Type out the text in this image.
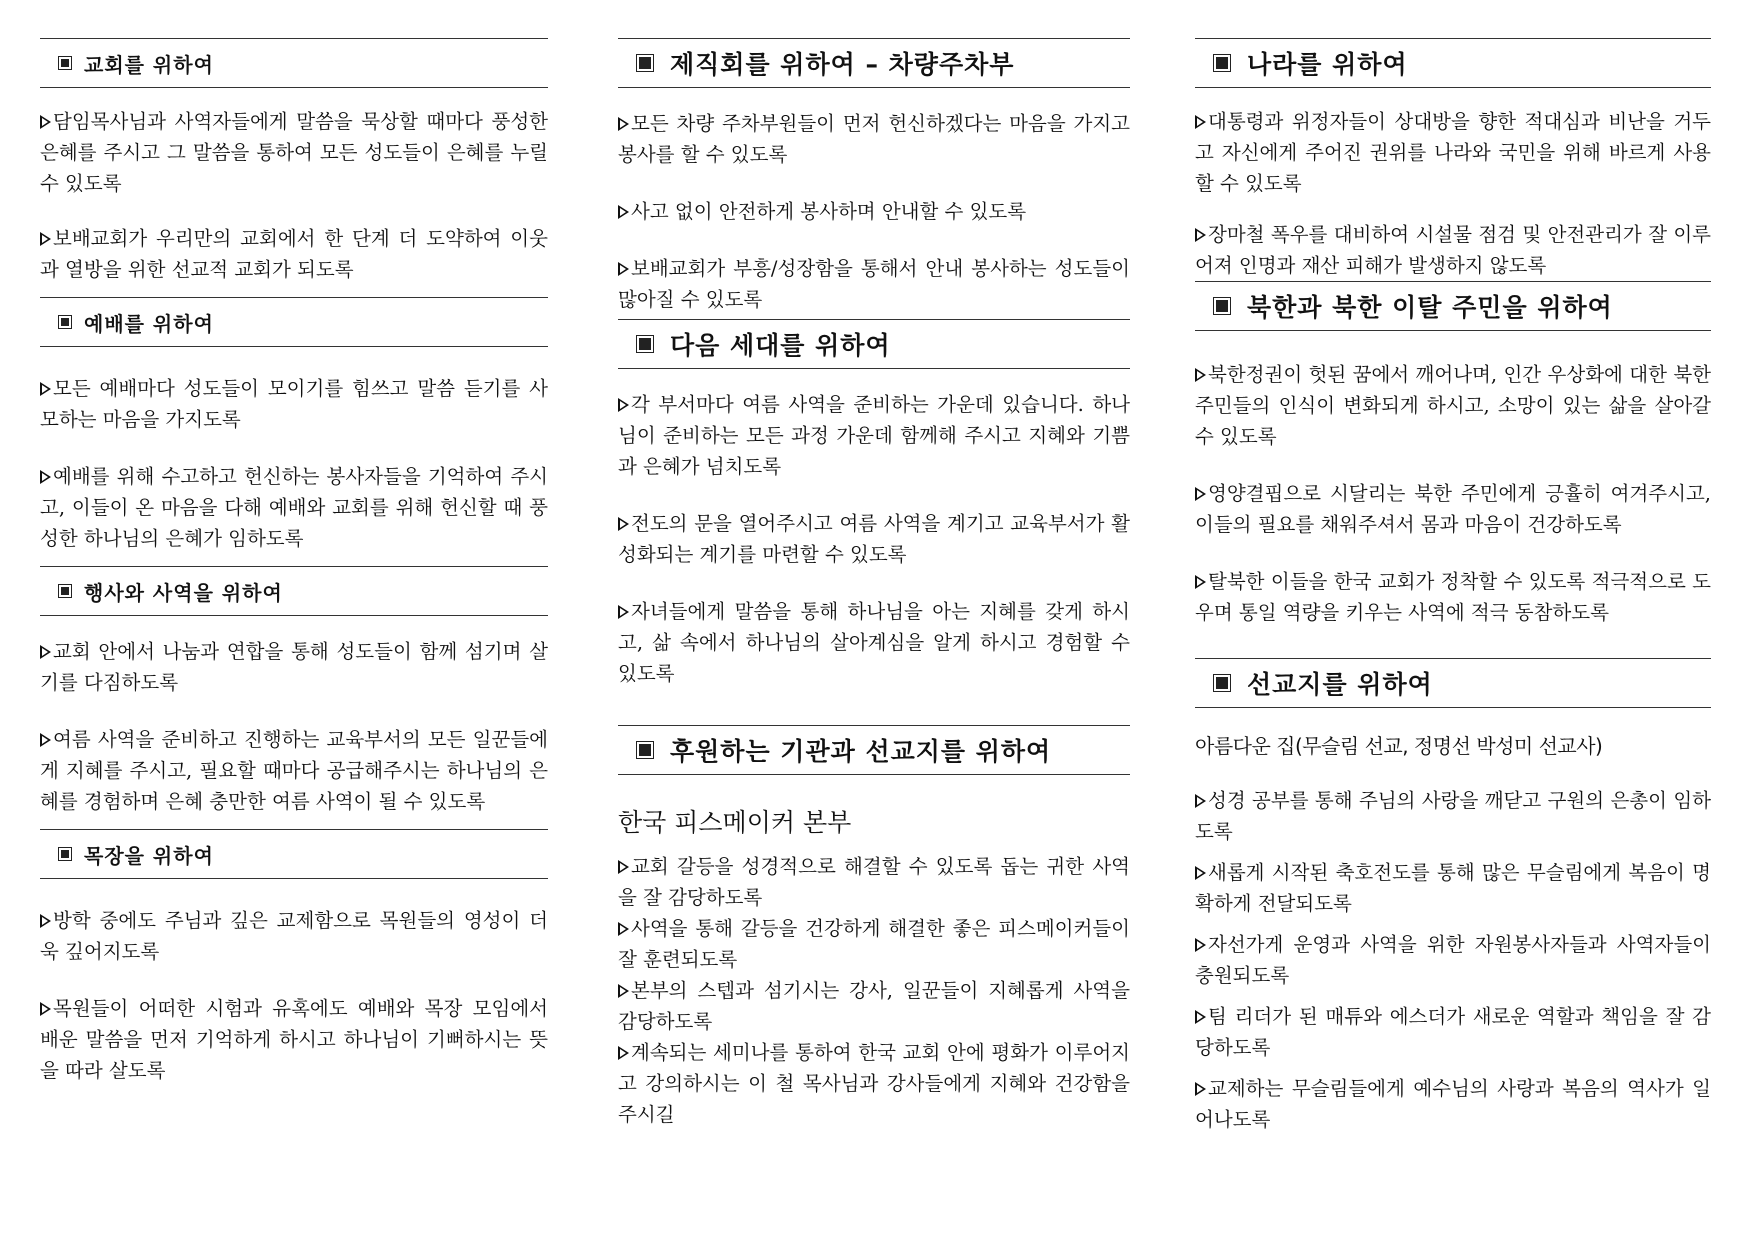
교회를 위하여

담임목사님과 사역자들에게 말씀을 묵상할 때마다 풍성한 은혜를 주시고 그 말씀을 통하여 모든 성도들이 은혜를 누릴 수 있도록

보배교회가 우리만의 교회에서 한 단계 더 도약하여 이웃과 열방을 위한 선교적 교회가 되도록

예배를 위하여

모든 예배마다 성도들이 모이기를 힘쓰고 말씀 듣기를 사모하는 마음을 가지도록

예배를 위해 수고하고 헌신하는 봉사자들을 기억하여 주시고, 이들이 온 마음을 다해 예배와 교회를 위해 헌신할 때 풍성한 하나님의 은혜가 임하도록

행사와 사역을 위하여

교회 안에서 나눔과 연합을 통해 성도들이 함께 섬기며 살기를 다짐하도록

여름 사역을 준비하고 진행하는 교육부서의 모든 일꾼들에게 지혜를 주시고, 필요할 때마다 공급해주시는 하나님의 은혜를 경험하며 은혜 충만한 여름 사역이 될 수 있도록

목장을 위하여

방학 중에도 주님과 깊은 교제함으로 목원들의 영성이 더욱 깊어지도록

목원들이 어떠한 시험과 유혹에도 예배와 목장 모임에서 배운 말씀을 먼저 기억하게 하시고 하나님이 기뻐하시는 뜻을 따라 살도록

제직회를 위하여 – 차량주차부

모든 차량 주차부원들이 먼저 헌신하겠다는 마음을 가지고 봉사를 할 수 있도록

사고 없이 안전하게 봉사하며 안내할 수 있도록

보배교회가 부흥/성장함을 통해서 안내 봉사하는 성도들이 많아질 수 있도록

다음 세대를 위하여

각 부서마다 여름 사역을 준비하는 가운데 있습니다. 하나님이 준비하는 모든 과정 가운데 함께해 주시고 지혜와 기쁨과 은혜가 넘치도록

전도의 문을 열어주시고 여름 사역을 계기고 교육부서가 활성화되는 계기를 마련할 수 있도록

자녀들에게 말씀을 통해 하나님을 아는 지혜를 갖게 하시고, 삶 속에서 하나님의 살아계심을 알게 하시고 경험할 수 있도록

후원하는 기관과 선교지를 위하여

한국 피스메이커 본부

교회 갈등을 성경적으로 해결할 수 있도록 돕는 귀한 사역을 잘 감당하도록

사역을 통해 갈등을 건강하게 해결한 좋은 피스메이커들이 잘 훈련되도록

본부의 스텝과 섬기시는 강사, 일꾼들이 지혜롭게 사역을 감당하도록

계속되는 세미나를 통하여 한국 교회 안에 평화가 이루어지고 강의하시는 이 철 목사님과 강사들에게 지혜와 건강함을 주시길

나라를 위하여

대통령과 위정자들이 상대방을 향한 적대심과 비난을 거두고 자신에게 주어진 권위를 나라와 국민을 위해 바르게 사용할 수 있도록

장마철 폭우를 대비하여 시설물 점검 및 안전관리가 잘 이루어져 인명과 재산 피해가 발생하지 않도록

북한과 북한 이탈 주민을 위하여

북한정권이 헛된 꿈에서 깨어나며, 인간 우상화에 대한 북한 주민들의 인식이 변화되게 하시고, 소망이 있는 삶을 살아갈 수 있도록

영양결핍으로 시달리는 북한 주민에게 긍휼히 여겨주시고, 이들의 필요를 채워주셔서 몸과 마음이 건강하도록

탈북한 이들을 한국 교회가 정착할 수 있도록 적극적으로 도우며 통일 역량을 키우는 사역에 적극 동참하도록

선교지를 위하여

아름다운 집(무슬림 선교, 정명선 박성미 선교사)

성경 공부를 통해 주님의 사랑을 깨닫고 구원의 은총이 임하도록

새롭게 시작된 축호전도를 통해 많은 무슬림에게 복음이 명확하게 전달되도록

자선가게 운영과 사역을 위한 자원봉사자들과 사역자들이 충원되도록

팀 리더가 된 매튜와 에스더가 새로운 역할과 책임을 잘 감당하도록

교제하는 무슬림들에게 예수님의 사랑과 복음의 역사가 일어나도록
